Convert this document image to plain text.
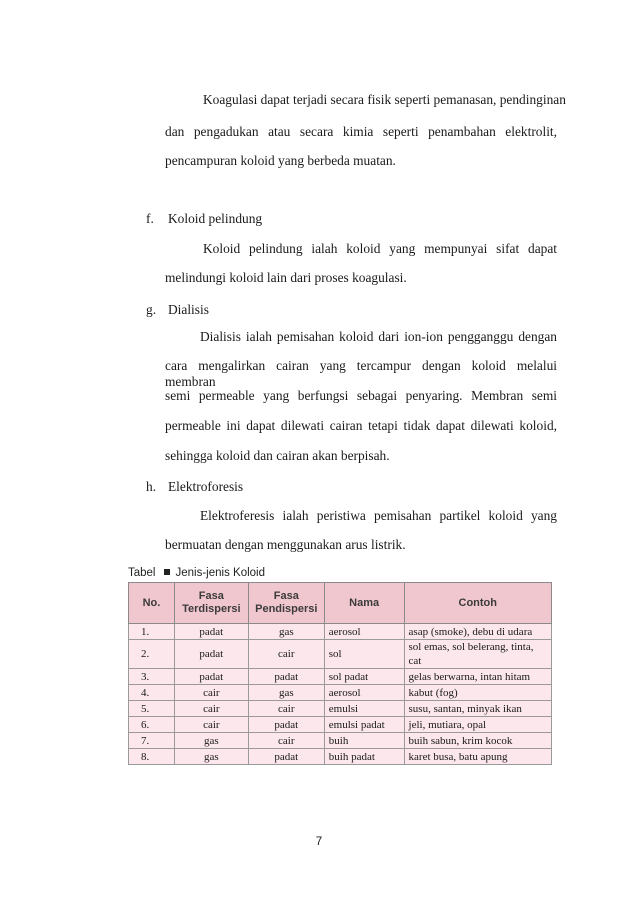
Koagulasi dapat terjadi secara fisik seperti pemanasan, pendinginan
dan pengadukan atau secara kimia seperti penambahan elektrolit,
pencampuran koloid yang berbeda muatan.
f. Koloid pelindung
Koloid pelindung ialah koloid yang mempunyai sifat dapat
melindungi koloid lain dari proses koagulasi.
g. Dialisis
Dialisis ialah pemisahan koloid dari ion-ion pengganggu dengan
cara mengalirkan cairan yang tercampur dengan koloid melalui membran
semi permeable yang berfungsi sebagai penyaring. Membran semi
permeable ini dapat dilewati cairan tetapi tidak dapat dilewati koloid,
sehingga koloid dan cairan akan berpisah.
h. Elektroforesis
Elektroferesis ialah peristiwa pemisahan partikel koloid yang
bermuatan dengan menggunakan arus listrik.
Tabel Jenis-jenis Koloid
No.	Fasa Terdispersi	Fasa Pendispersi	Nama	Contoh
1.	padat	gas	aerosol	asap (smoke), debu di udara
2.	padat	cair	sol	sol emas, sol belerang, tinta, cat
3.	padat	padat	sol padat	gelas berwarna, intan hitam
4.	cair	gas	aerosol	kabut (fog)
5.	cair	cair	emulsi	susu, santan, minyak ikan
6.	cair	padat	emulsi padat	jeli, mutiara, opal
7.	gas	cair	buih	buih sabun, krim kocok
8.	gas	padat	buih padat	karet busa, batu apung
7
